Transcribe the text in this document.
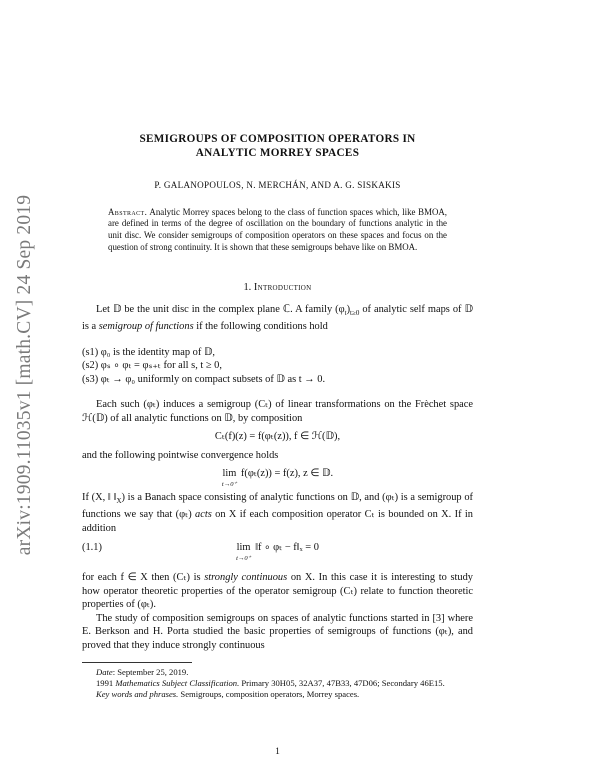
arXiv:1909.11035v1 [math.CV] 24 Sep 2019
SEMIGROUPS OF COMPOSITION OPERATORS IN
ANALYTIC MORREY SPACES
P. GALANOPOULOS, N. MERCHÁN, AND A. G. SISKAKIS
Abstract. Analytic Morrey spaces belong to the class of function spaces which, like BMOA, are defined in terms of the degree of oscillation on the boundary of functions analytic in the unit disc. We consider semigroups of composition operators on these spaces and focus on the question of strong continuity. It is shown that these semigroups behave like on BMOA.
1. Introduction

Let 𝔻 be the unit disc in the complex plane ℂ. A family $(\varphi_t)_{t\ge 0}$ of analytic self maps of 𝔻 is a semigroup of functions if the following conditions hold

(s1) φ₀ is the identity map of 𝔻,
(s2) φₛ ∘ φₜ = φₛ₊ₜ for all s, t ≥ 0,
(s3) φₜ → φ₀ uniformly on compact subsets of 𝔻 as t → 0.

Each such (φₜ) induces a semigroup (Cₜ) of linear transformations on the Frèchet space ℋ(𝔻) of all analytic functions on 𝔻, by composition

Cₜ(f)(z) = f(φₜ(z)), f ∈ ℋ(𝔻),

and the following pointwise convergence holds

lim
t→0⁺
f(φₜ(z)) = f(z), z ∈ 𝔻.

If (X, ‖ $‖_X$) is a Banach space consisting of analytic functions on 𝔻, and (φₜ) is a semigroup of functions we say that (φₜ) acts on X if each composition operator Cₜ is bounded on X. If in addition

(1.1)	lim
t→0⁺
‖f ∘ φₜ − f‖ₓ = 0

for each f ∈ X then (Cₜ) is strongly continuous on X. In this case it is interesting to study how operator theoretic properties of the operator semigroup (Cₜ) relate to function theoretic properties of (φₜ).

The study of composition semigroups on spaces of analytic functions started in [3] where E. Berkson and H. Porta studied the basic properties of semigroups of functions (φₜ), and proved that they induce strongly continuous

Date: September 25, 2019.
1991 Mathematics Subject Classification. Primary 30H05, 32A37, 47B33, 47D06; Secondary 46E15.
Key words and phrases. Semigroups, composition operators, Morrey spaces.
1
